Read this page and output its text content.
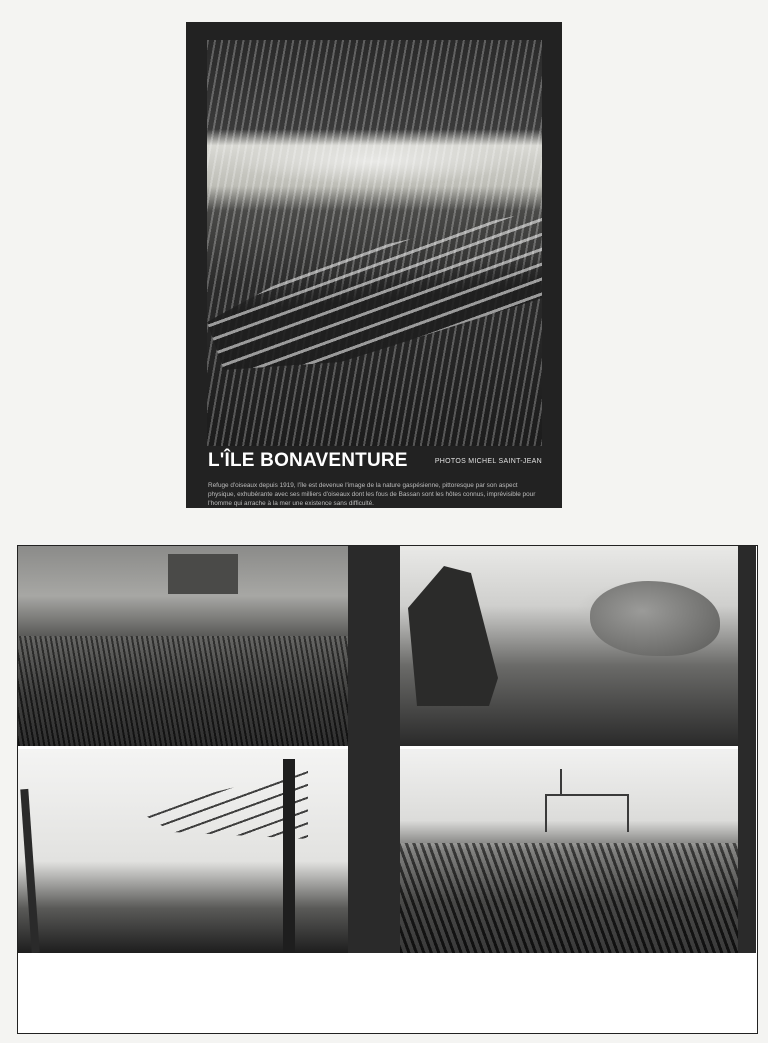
L'ÎLE BONAVENTURE	PHOTOS MICHEL SAINT-JEAN
Refuge d'oiseaux depuis 1919, l'île est devenue l'image de la nature gaspésienne, pittoresque par son aspect physique, exhubérante avec ses milliers d'oiseaux dont les fous de Bassan sont les hôtes connus, imprévisible pour l'homme qui arrache à la mer une existence sans difficulté.
